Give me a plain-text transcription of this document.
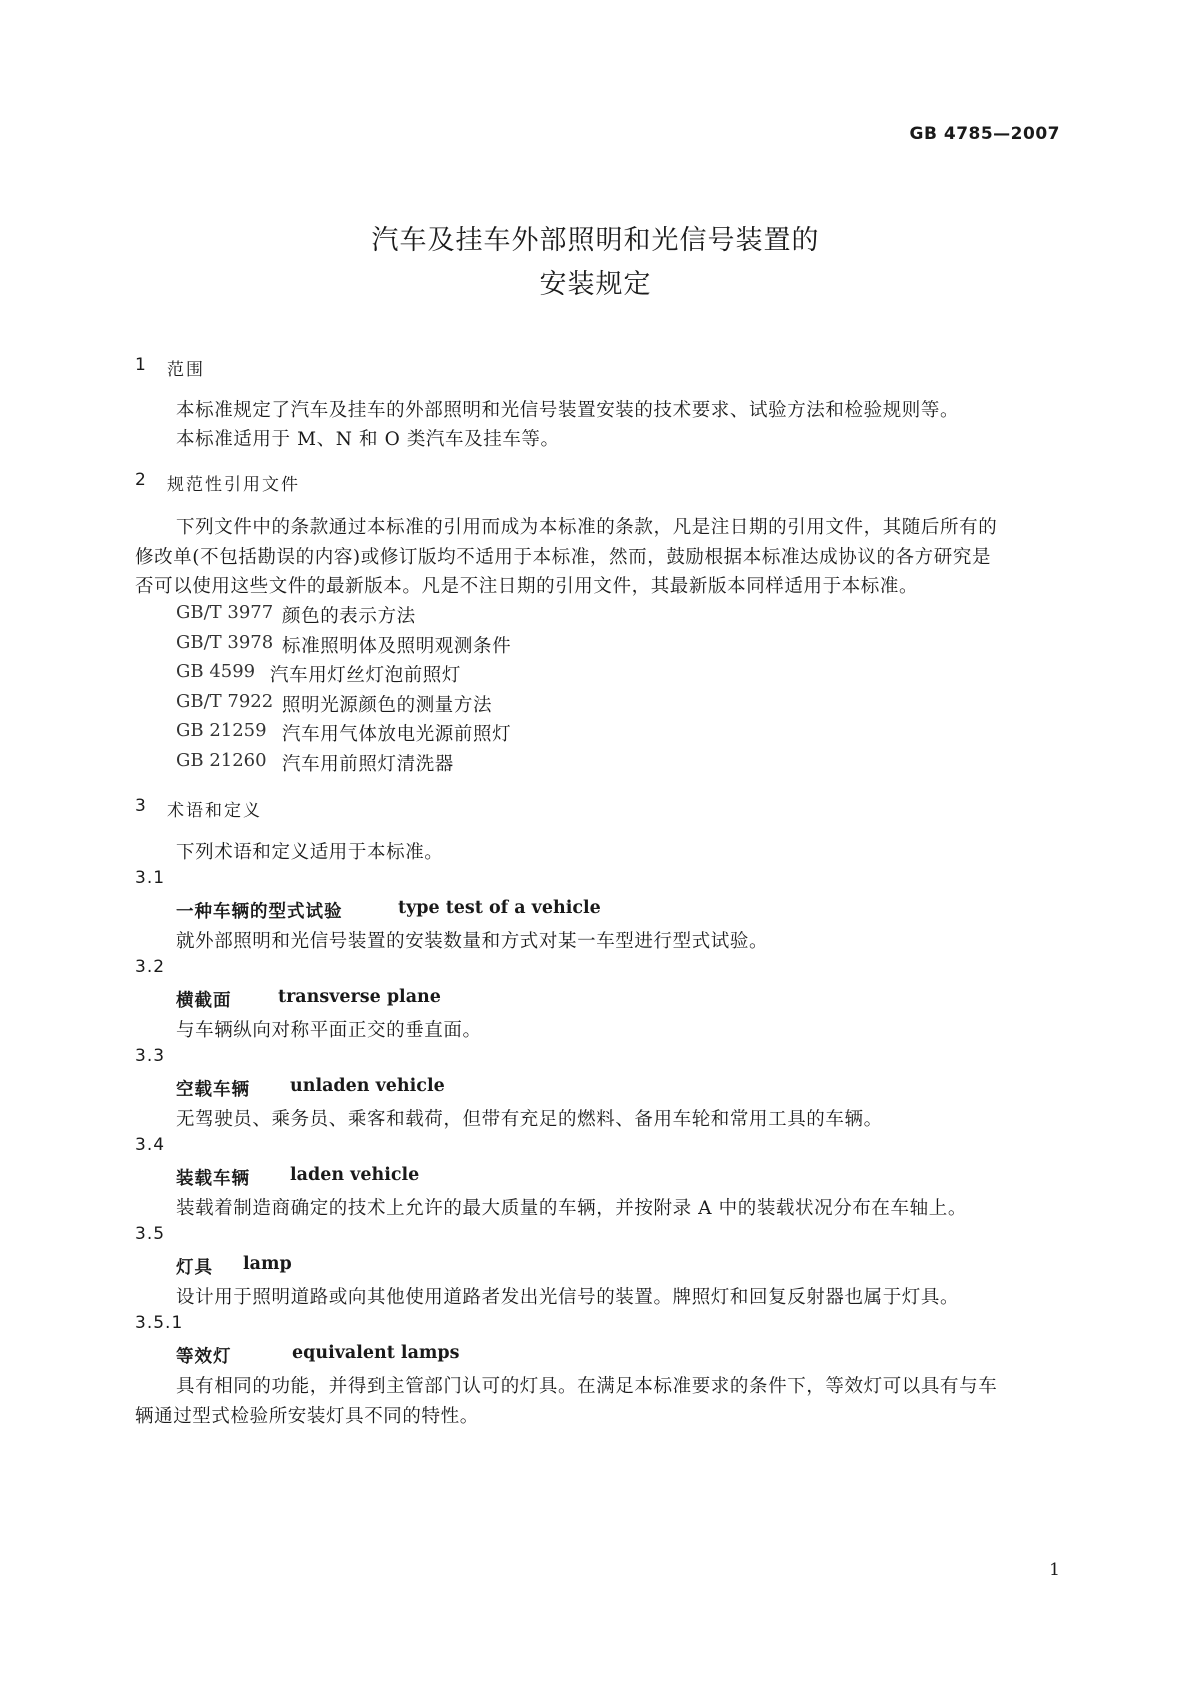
GB 4785—2007
汽车及挂车外部照明和光信号装置的
安装规定
1 范围
本标准规定了汽车及挂车的外部照明和光信号装置安装的技术要求、试验方法和检验规则等。
本标准适用于 M、N 和 O 类汽车及挂车等。
2 规范性引用文件
下列文件中的条款通过本标准的引用而成为本标准的条款，凡是注日期的引用文件，其随后所有的
修改单(不包括勘误的内容)或修订版均不适用于本标准，然而，鼓励根据本标准达成协议的各方研究是
否可以使用这些文件的最新版本。凡是不注日期的引用文件，其最新版本同样适用于本标准。
GB/T 3977 颜色的表示方法
GB/T 3978 标准照明体及照明观测条件
GB 4599 汽车用灯丝灯泡前照灯
GB/T 7922 照明光源颜色的测量方法
GB 21259 汽车用气体放电光源前照灯
GB 21260 汽车用前照灯清洗器
3 术语和定义
下列术语和定义适用于本标准。
3.1
一种车辆的型式试验	type test of a vehicle
就外部照明和光信号装置的安装数量和方式对某一车型进行型式试验。
3.2
横截面	transverse plane
与车辆纵向对称平面正交的垂直面。
3.3
空载车辆 unladen vehicle
无驾驶员、乘务员、乘客和载荷，但带有充足的燃料、备用车轮和常用工具的车辆。
3.4
装载车辆 laden vehicle
装载着制造商确定的技术上允许的最大质量的车辆，并按附录 A 中的装载状况分布在车轴上。
3.5
灯具 lamp
设计用于照明道路或向其他使用道路者发出光信号的装置。牌照灯和回复反射器也属于灯具。
3.5.1
等效灯	equivalent lamps
具有相同的功能，并得到主管部门认可的灯具。在满足本标准要求的条件下，等效灯可以具有与车
辆通过型式检验所安装灯具不同的特性。
1
